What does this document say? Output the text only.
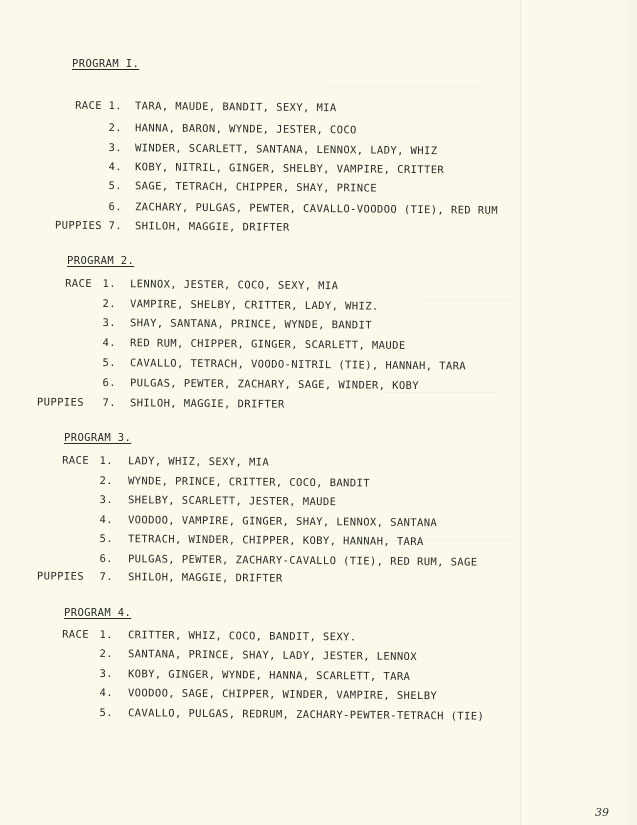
PROGRAM I.
RACE 1. TARA, MAUDE, BANDIT, SEXY, MIA
2. HANNA, BARON, WYNDE, JESTER, COCO
3. WINDER, SCARLETT, SANTANA, LENNOX, LADY, WHIZ
4. KOBY, NITRIL, GINGER, SHELBY, VAMPIRE, CRITTER
5. SAGE, TETRACH, CHIPPER, SHAY, PRINCE
6. ZACHARY, PULGAS, PEWTER, CAVALLO-VOODOO (TIE), RED RUM
PUPPIES 7. SHILOH, MAGGIE, DRIFTER
PROGRAM 2.
RACE 1. LENNOX, JESTER, COCO, SEXY, MIA
2. VAMPIRE, SHELBY, CRITTER, LADY, WHIZ.
3. SHAY, SANTANA, PRINCE, WYNDE, BANDIT
4. RED RUM, CHIPPER, GINGER, SCARLETT, MAUDE
5. CAVALLO, TETRACH, VOODO-NITRIL (TIE), HANNAH, TARA
6. PULGAS, PEWTER, ZACHARY, SAGE, WINDER, KOBY
PUPPIES	7. SHILOH, MAGGIE, DRIFTER
PROGRAM 3.
RACE 1. LADY, WHIZ, SEXY, MIA
2. WYNDE, PRINCE, CRITTER, COCO, BANDIT
3. SHELBY, SCARLETT, JESTER, MAUDE
4. VOODOO, VAMPIRE, GINGER, SHAY, LENNOX, SANTANA
5. TETRACH, WINDER, CHIPPER, KOBY, HANNAH, TARA
6. PULGAS, PEWTER, ZACHARY-CAVALLO (TIE), RED RUM, SAGE
PUPPIES	7. SHILOH, MAGGIE, DRIFTER
PROGRAM 4.
RACE 1. CRITTER, WHIZ, COCO, BANDIT, SEXY.
2. SANTANA, PRINCE, SHAY, LADY, JESTER, LENNOX
3. KOBY, GINGER, WYNDE, HANNA, SCARLETT, TARA
4. VOODOO, SAGE, CHIPPER, WINDER, VAMPIRE, SHELBY
5. CAVALLO, PULGAS, REDRUM, ZACHARY-PEWTER-TETRACH (TIE)
39
